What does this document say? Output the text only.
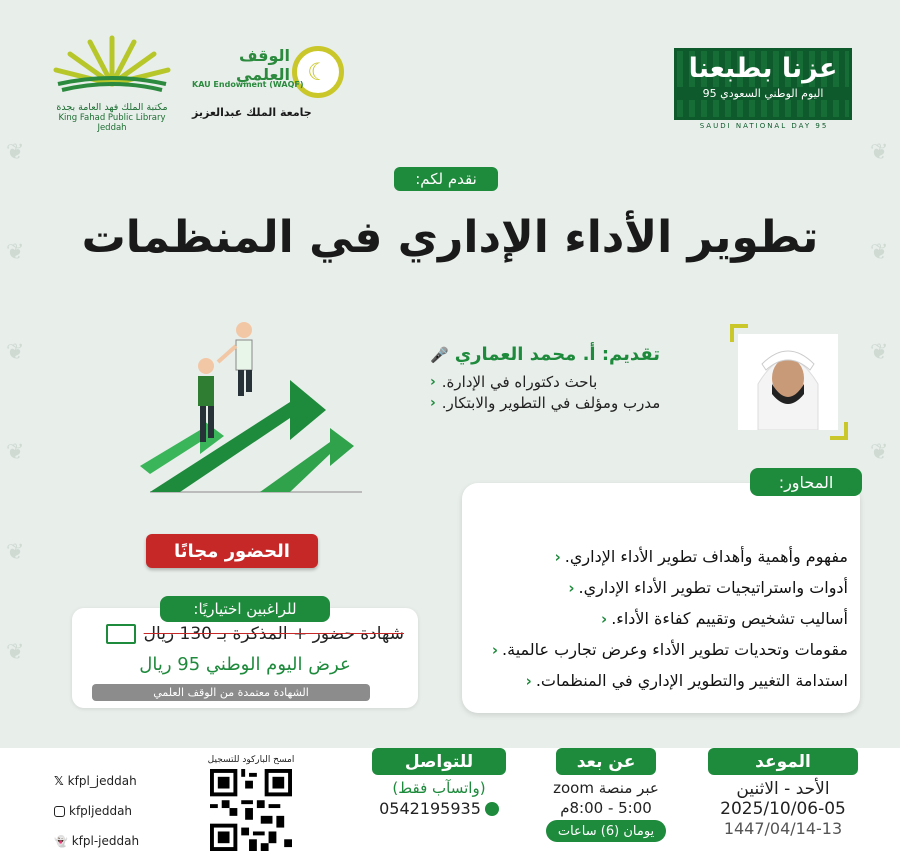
❦
❦
❦
❦
❦
❦
❦
❦
❦
❦
مكتبة الملك فهد العامة بجدة
King Fahad Public Library Jeddah
☾
الوقف العلمي
KAU Endowment (WAQF)
جامعة الملك عبدالعزيز
عزنا بطبعنا
اليوم الوطني السعودي 95
SAUDI NATIONAL DAY 95
نقدم لكم:
تطوير الأداء الإداري في المنظمات
🎤 تقديم: أ. محمد العماري
‹ باحث دكتوراه في الإدارة.
‹ مدرب ومؤلف في التطوير والابتكار.
‹ مفهوم وأهمية وأهداف تطوير الأداء الإداري.
‹ أدوات واستراتيجيات تطوير الأداء الإداري.
‹ أساليب تشخيص وتقييم كفاءة الأداء.
‹ مقومات وتحديات تطوير الأداء وعرض تجارب عالمية.
‹ استدامة التغيير والتطوير الإداري في المنظمات.
المحاور:
الحضور مجانًا
شهادة حضور + المذكرة بـ 130 ريال
عرض اليوم الوطني 95 ريال
الشهادة معتمدة من الوقف العلمي
للراغبين اختياريًا:
الموعد
الأحد - الاثنين
2025/10/06-05
1447/04/14-13
عن بعد
عبر منصة zoom
5:00 - 8:00م
يومان (6) ساعات
للتواصل
(واتسآب فقط)
0542195935
امسح الباركود للتسجيل
𝕏 kfpl_jeddah
kfpljeddah
👻 kfpl-jeddah
